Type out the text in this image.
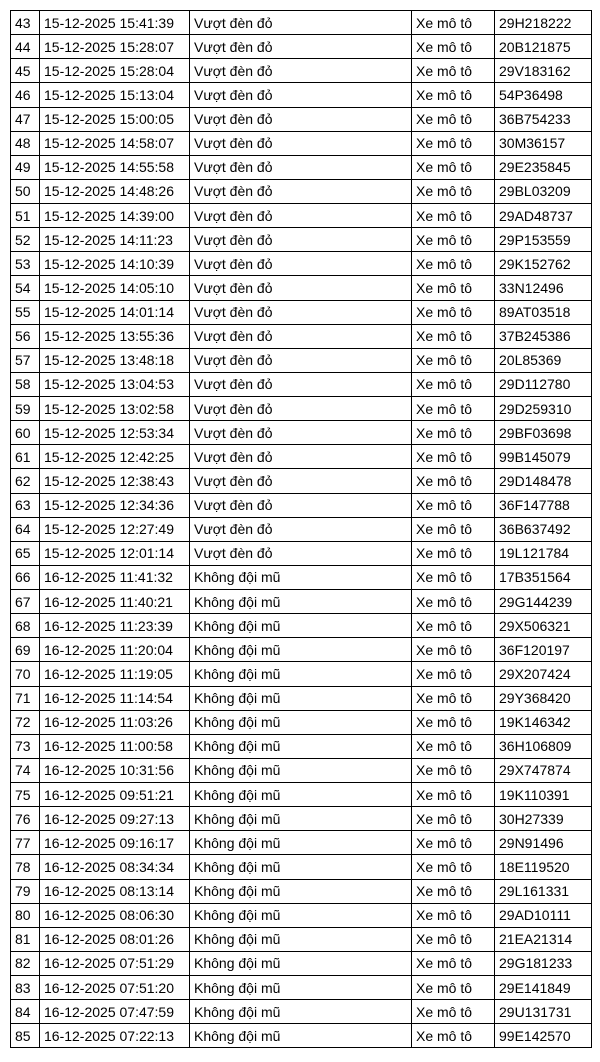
43	15-12-2025 15:41:39	Vượt đèn đỏ	Xe mô tô	29H218222
44	15-12-2025 15:28:07	Vượt đèn đỏ	Xe mô tô	20B121875
45	15-12-2025 15:28:04	Vượt đèn đỏ	Xe mô tô	29V183162
46	15-12-2025 15:13:04	Vượt đèn đỏ	Xe mô tô	54P36498
47	15-12-2025 15:00:05	Vượt đèn đỏ	Xe mô tô	36B754233
48	15-12-2025 14:58:07	Vượt đèn đỏ	Xe mô tô	30M36157
49	15-12-2025 14:55:58	Vượt đèn đỏ	Xe mô tô	29E235845
50	15-12-2025 14:48:26	Vượt đèn đỏ	Xe mô tô	29BL03209
51	15-12-2025 14:39:00	Vượt đèn đỏ	Xe mô tô	29AD48737
52	15-12-2025 14:11:23	Vượt đèn đỏ	Xe mô tô	29P153559
53	15-12-2025 14:10:39	Vượt đèn đỏ	Xe mô tô	29K152762
54	15-12-2025 14:05:10	Vượt đèn đỏ	Xe mô tô	33N12496
55	15-12-2025 14:01:14	Vượt đèn đỏ	Xe mô tô	89AT03518
56	15-12-2025 13:55:36	Vượt đèn đỏ	Xe mô tô	37B245386
57	15-12-2025 13:48:18	Vượt đèn đỏ	Xe mô tô	20L85369
58	15-12-2025 13:04:53	Vượt đèn đỏ	Xe mô tô	29D112780
59	15-12-2025 13:02:58	Vượt đèn đỏ	Xe mô tô	29D259310
60	15-12-2025 12:53:34	Vượt đèn đỏ	Xe mô tô	29BF03698
61	15-12-2025 12:42:25	Vượt đèn đỏ	Xe mô tô	99B145079
62	15-12-2025 12:38:43	Vượt đèn đỏ	Xe mô tô	29D148478
63	15-12-2025 12:34:36	Vượt đèn đỏ	Xe mô tô	36F147788
64	15-12-2025 12:27:49	Vượt đèn đỏ	Xe mô tô	36B637492
65	15-12-2025 12:01:14	Vượt đèn đỏ	Xe mô tô	19L121784
66	16-12-2025 11:41:32	Không đội mũ	Xe mô tô	17B351564
67	16-12-2025 11:40:21	Không đội mũ	Xe mô tô	29G144239
68	16-12-2025 11:23:39	Không đội mũ	Xe mô tô	29X506321
69	16-12-2025 11:20:04	Không đội mũ	Xe mô tô	36F120197
70	16-12-2025 11:19:05	Không đội mũ	Xe mô tô	29X207424
71	16-12-2025 11:14:54	Không đội mũ	Xe mô tô	29Y368420
72	16-12-2025 11:03:26	Không đội mũ	Xe mô tô	19K146342
73	16-12-2025 11:00:58	Không đội mũ	Xe mô tô	36H106809
74	16-12-2025 10:31:56	Không đội mũ	Xe mô tô	29X747874
75	16-12-2025 09:51:21	Không đội mũ	Xe mô tô	19K110391
76	16-12-2025 09:27:13	Không đội mũ	Xe mô tô	30H27339
77	16-12-2025 09:16:17	Không đội mũ	Xe mô tô	29N91496
78	16-12-2025 08:34:34	Không đội mũ	Xe mô tô	18E119520
79	16-12-2025 08:13:14	Không đội mũ	Xe mô tô	29L161331
80	16-12-2025 08:06:30	Không đội mũ	Xe mô tô	29AD10111
81	16-12-2025 08:01:26	Không đội mũ	Xe mô tô	21EA21314
82	16-12-2025 07:51:29	Không đội mũ	Xe mô tô	29G181233
83	16-12-2025 07:51:20	Không đội mũ	Xe mô tô	29E141849
84	16-12-2025 07:47:59	Không đội mũ	Xe mô tô	29U131731
85	16-12-2025 07:22:13	Không đội mũ	Xe mô tô	99E142570
